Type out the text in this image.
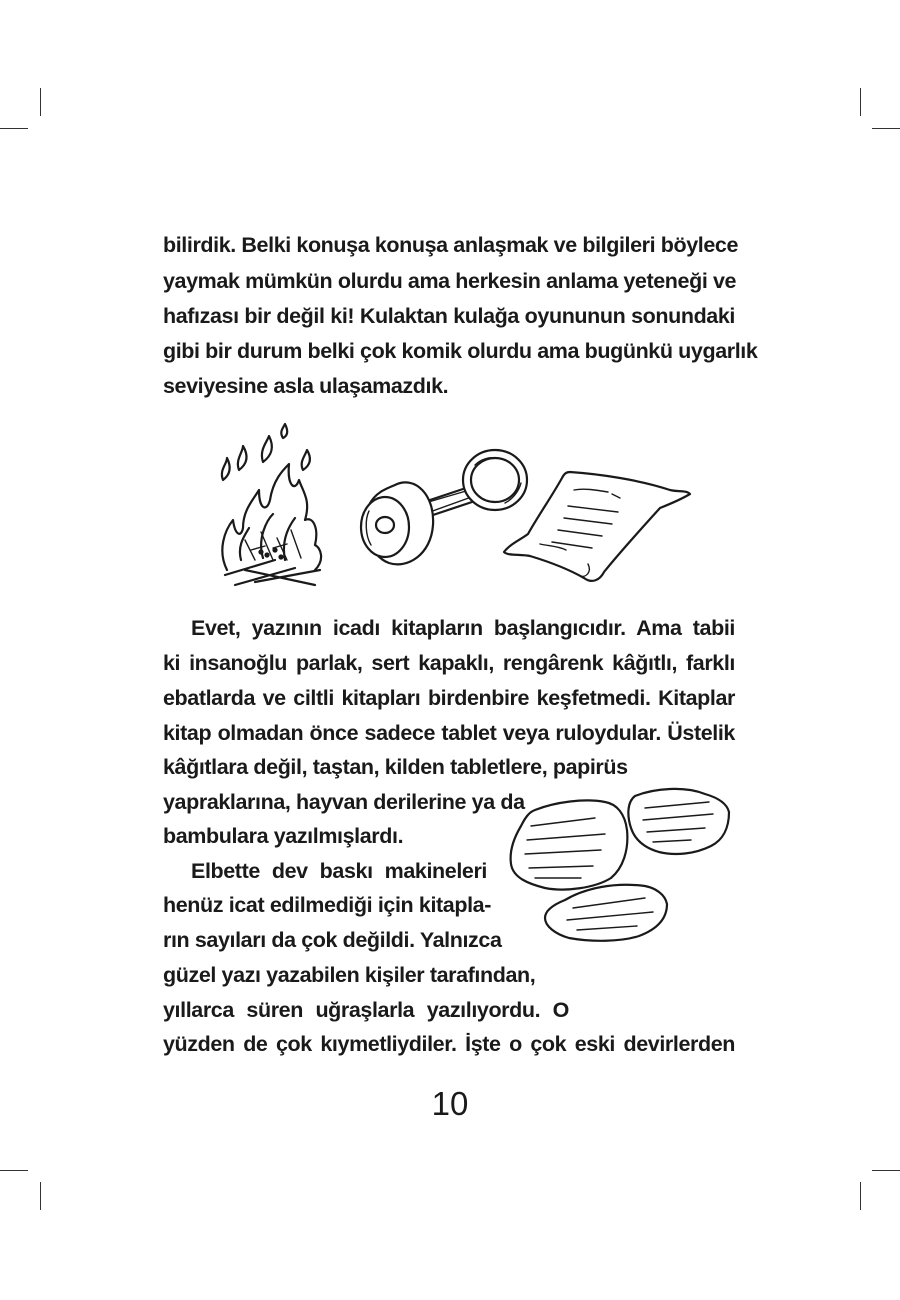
bilirdik. Belki konuşa konuşa anlaşmak ve bilgileri böylece
yaymak mümkün olurdu ama herkesin anlama yeteneği ve
hafızası bir değil ki! Kulaktan kulağa oyununun sonundaki
gibi bir durum belki çok komik olurdu ama bugünkü uygarlık
seviyesine asla ulaşamazdık.
Evet, yazının icadı kitapların başlangıcıdır. Ama tabii
ki insanoğlu parlak, sert kapaklı, rengârenk kâğıtlı, farklı
ebatlarda ve ciltli kitapları birdenbire keşfetmedi. Kitaplar
kitap olmadan önce sadece tablet veya ruloydular. Üstelik
kâğıtlara değil, taştan, kilden tabletlere, papirüs
yapraklarına, hayvan derilerine ya da
bambulara yazılmışlardı.
Elbette dev baskı makineleri
henüz icat edilmediği için kitapla-
rın sayıları da çok değildi. Yalnızca
güzel yazı yazabilen kişiler tarafından,
yıllarca süren uğraşlarla yazılıyordu. O
yüzden de çok kıymetliydiler. İşte o çok eski devirlerden
10
